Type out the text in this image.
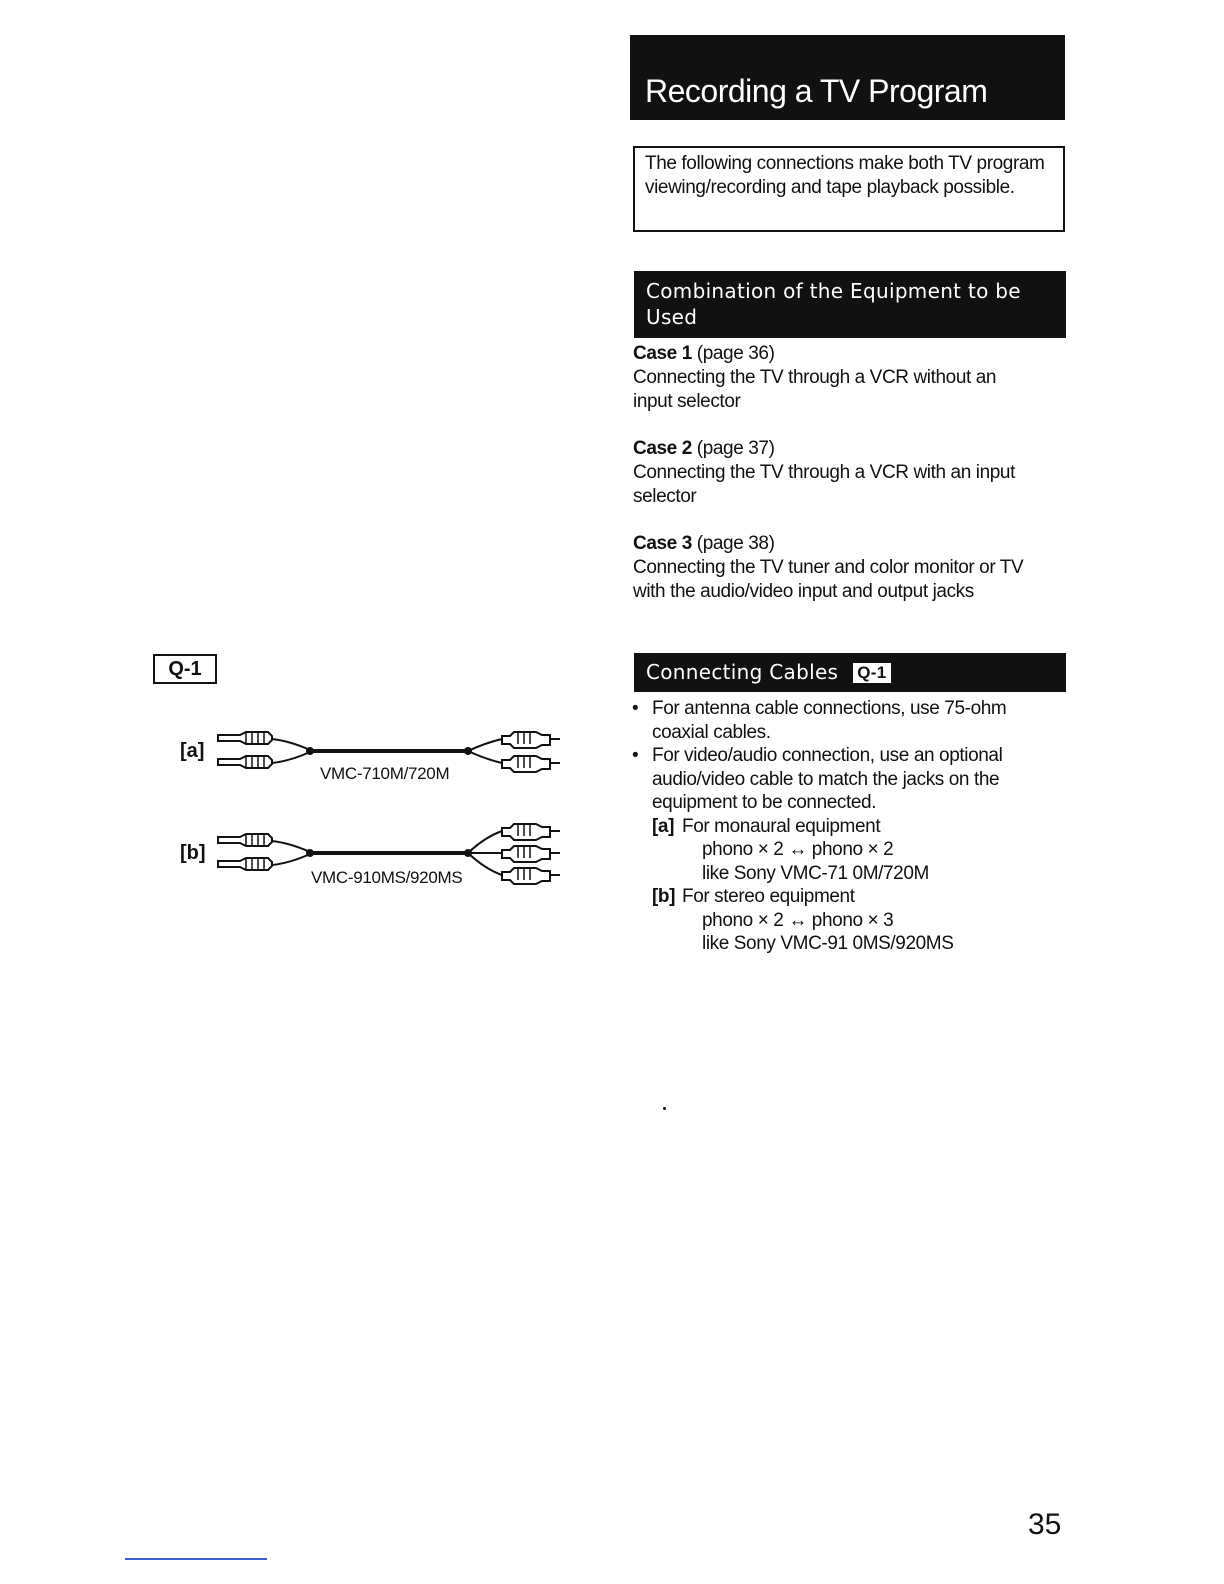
Recording a TV Program
The following connections make both TV program viewing/recording and tape playback possible.
Combination of the Equipment to be
Used
Case 1 (page 36)
Connecting the TV through a VCR without an
input selector
Case 2 (page 37)
Connecting the TV through a VCR with an input
selector
Case 3 (page 38)
Connecting the TV tuner and color monitor or TV
with the audio/video input and output jacks
Connecting Cables Q-1
• For antenna cable connections, use 75-ohm
coaxial cables.
• For video/audio connection, use an optional
audio/video cable to match the jacks on the
equipment to be connected.
[a] For monaural equipment
phono × 2 ↔ phono × 2
like Sony VMC-71 0M/720M
[b] For stereo equipment
phono × 2 ↔ phono × 3
like Sony VMC-91 0MS/920MS
Q-1
[a]
[b]
VMC-710M/720M
VMC-910MS/920MS
35
